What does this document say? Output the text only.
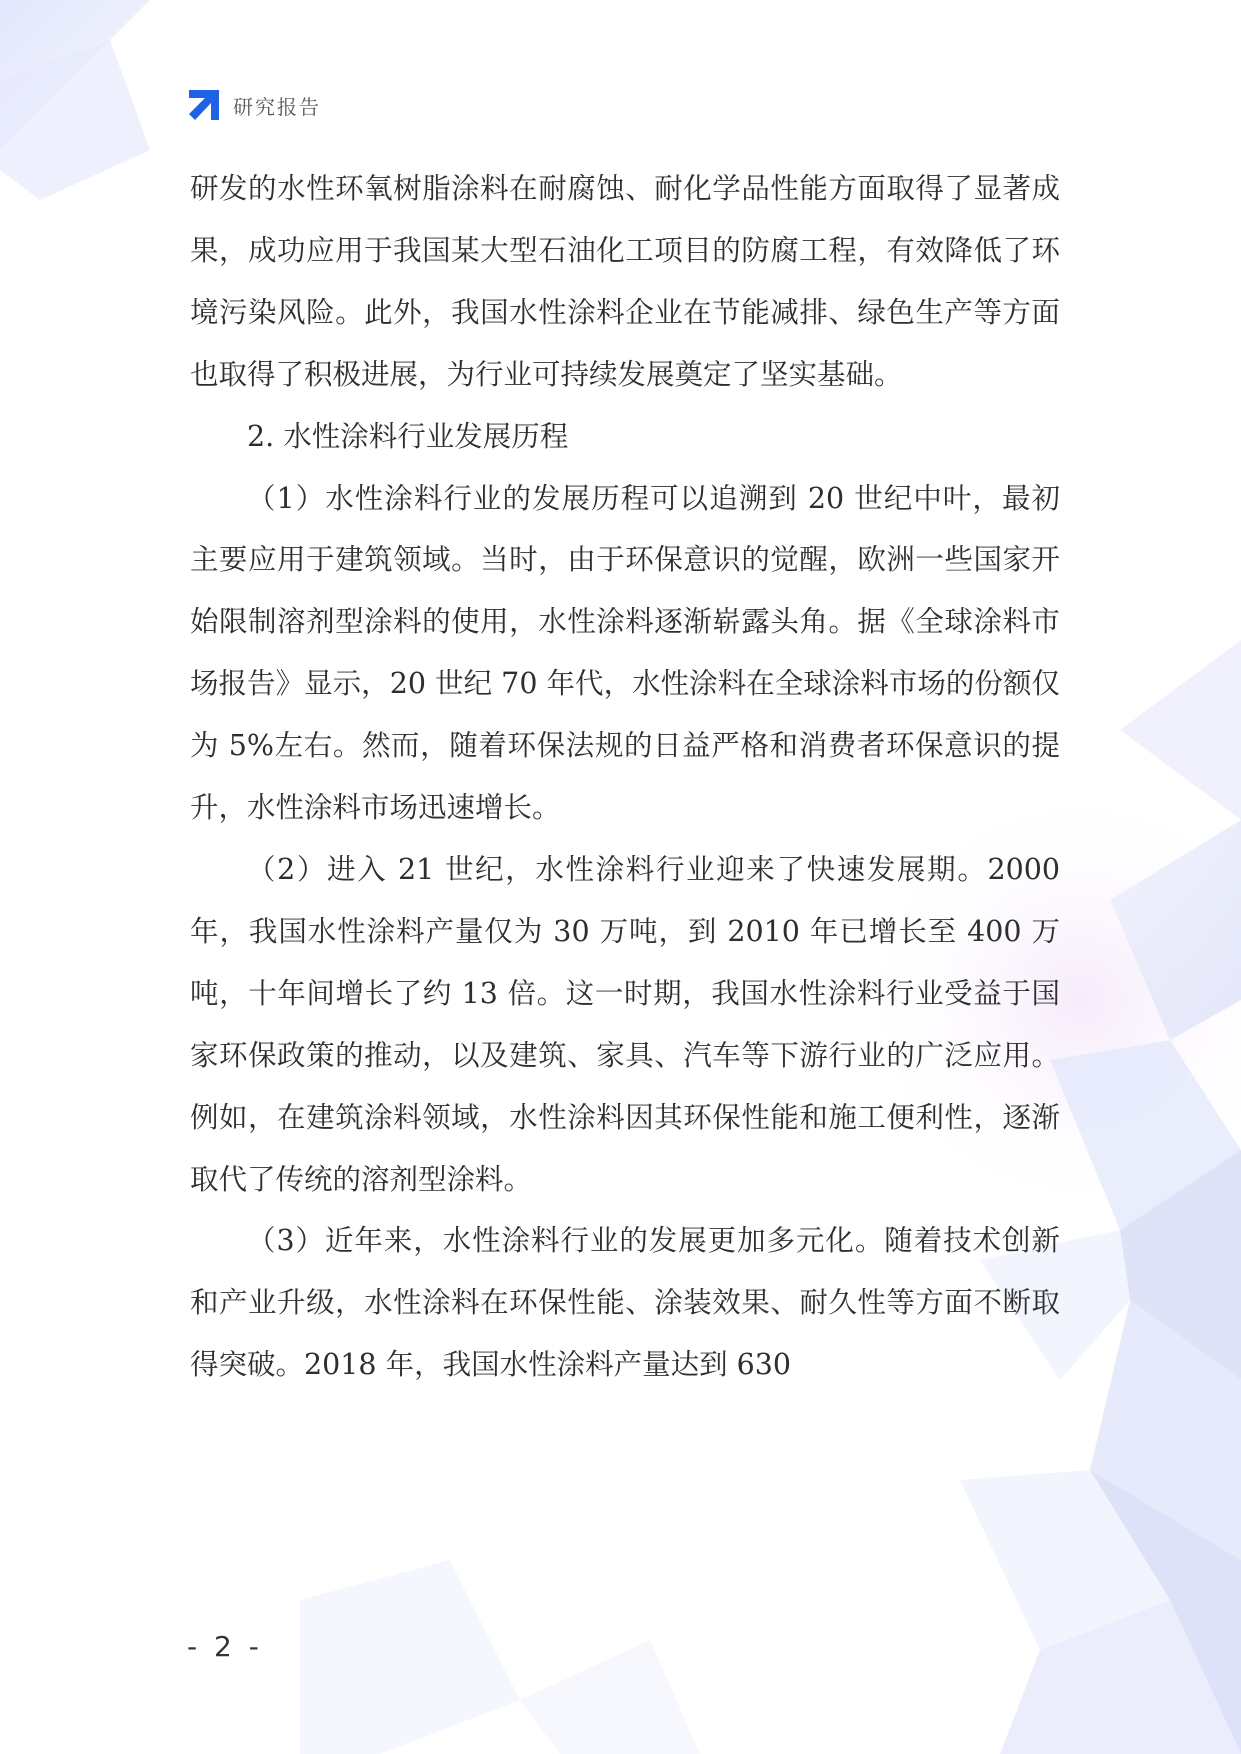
研究报告

研发的水性环氧树脂涂料在耐腐蚀、耐化学品性能方面取得了显著成果，成功应用于我国某大型石油化工项目的防腐工程，有效降低了环境污染风险。此外，我国水性涂料企业在节能减排、绿色生产等方面也取得了积极进展，为行业可持续发展奠定了坚实基础。

2. 水性涂料行业发展历程

（1）水性涂料行业的发展历程可以追溯到 20 世纪中叶，最初主要应用于建筑领域。当时，由于环保意识的觉醒，欧洲一些国家开始限制溶剂型涂料的使用，水性涂料逐渐崭露头角。据《全球涂料市场报告》显示，20 世纪 70 年代，水性涂料在全球涂料市场的份额仅为 5%左右。然而，随着环保法规的日益严格和消费者环保意识的提升，水性涂料市场迅速增长。

（2）进入 21 世纪，水性涂料行业迎来了快速发展期。2000 年，我国水性涂料产量仅为 30 万吨，到 2010 年已增长至 400 万吨，十年间增长了约 13 倍。这一时期，我国水性涂料行业受益于国家环保政策的推动，以及建筑、家具、汽车等下游行业的广泛应用。例如，在建筑涂料领域，水性涂料因其环保性能和施工便利性，逐渐取代了传统的溶剂型涂料。

（3）近年来，水性涂料行业的发展更加多元化。随着技术创新和产业升级，水性涂料在环保性能、涂装效果、耐久性等方面不断取得突破。2018 年，我国水性涂料产量达到 630

- 2 -
